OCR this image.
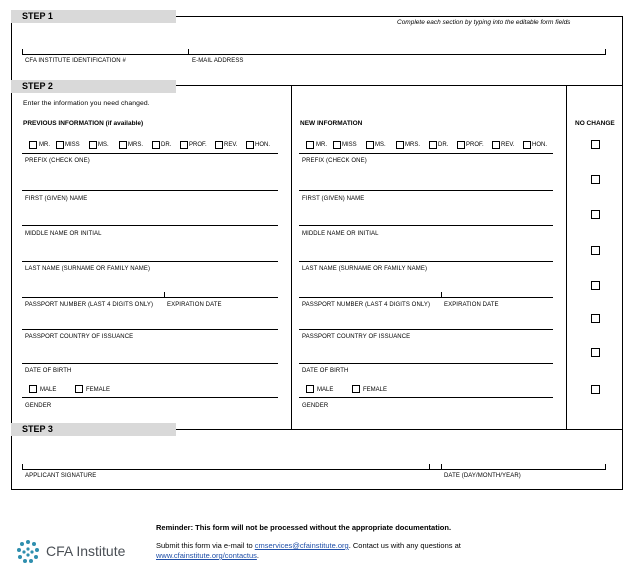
STEP 1
Complete each section by typing into the editable form fields
CFA INSTITUTE IDENTIFICATION #	E-MAIL ADDRESS
STEP 2
Enter the information you need changed.
PREVIOUS INFORMATION (if available)	NEW INFORMATION	NO CHANGE
MR.	MISS	MS.	MRS.	DR.	PROF.	REV.	HON.
PREFIX (CHECK ONE)
FIRST (GIVEN) NAME
MIDDLE NAME OR INITIAL
LAST NAME (SURNAME OR FAMILY NAME)
PASSPORT NUMBER (LAST 4 DIGITS ONLY) EXPIRATION DATE
PASSPORT COUNTRY OF ISSUANCE
DATE OF BIRTH
MALE	FEMALE
GENDER
MR.	MISS	MS.	MRS.	DR.	PROF.	REV.	HON.
PREFIX (CHECK ONE)
FIRST (GIVEN) NAME
MIDDLE NAME OR INITIAL
LAST NAME (SURNAME OR FAMILY NAME)
PASSPORT NUMBER (LAST 4 DIGITS ONLY) EXPIRATION DATE
PASSPORT COUNTRY OF ISSUANCE
DATE OF BIRTH
MALE	FEMALE
GENDER
STEP 3
APPLICANT SIGNATURE	DATE (DAY/MONTH/YEAR)
CFA Institute
Reminder: This form will not be processed without the appropriate documentation.
Submit this form via e-mail to cmservices@cfainstitute.org. Contact us with any questions at
www.cfainstitute.org/contactus.
